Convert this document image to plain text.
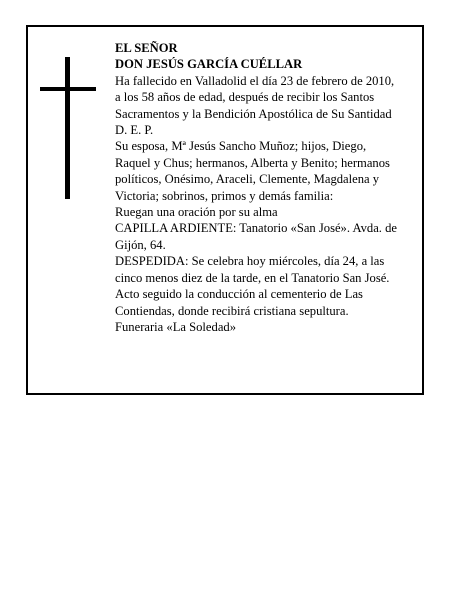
EL SEÑOR
DON JESÚS GARCÍA CUÉLLAR
Ha fallecido en Valladolid el día 23 de febrero de 2010,
a los 58 años de edad, después de recibir los Santos
Sacramentos y la Bendición Apostólica de Su Santidad
D. E. P.
Su esposa, Mª Jesús Sancho Muñoz; hijos, Diego,
Raquel y Chus; hermanos, Alberta y Benito; hermanos
políticos, Onésimo, Araceli, Clemente, Magdalena y
Victoria; sobrinos, primos y demás familia:
Ruegan una oración por su alma
CAPILLA ARDIENTE: Tanatorio «San José». Avda. de
Gijón, 64.
DESPEDIDA: Se celebra hoy miércoles, día 24, a las
cinco menos diez de la tarde, en el Tanatorio San José.
Acto seguido la conducción al cementerio de Las
Contiendas, donde recibirá cristiana sepultura.
Funeraria «La Soledad»
